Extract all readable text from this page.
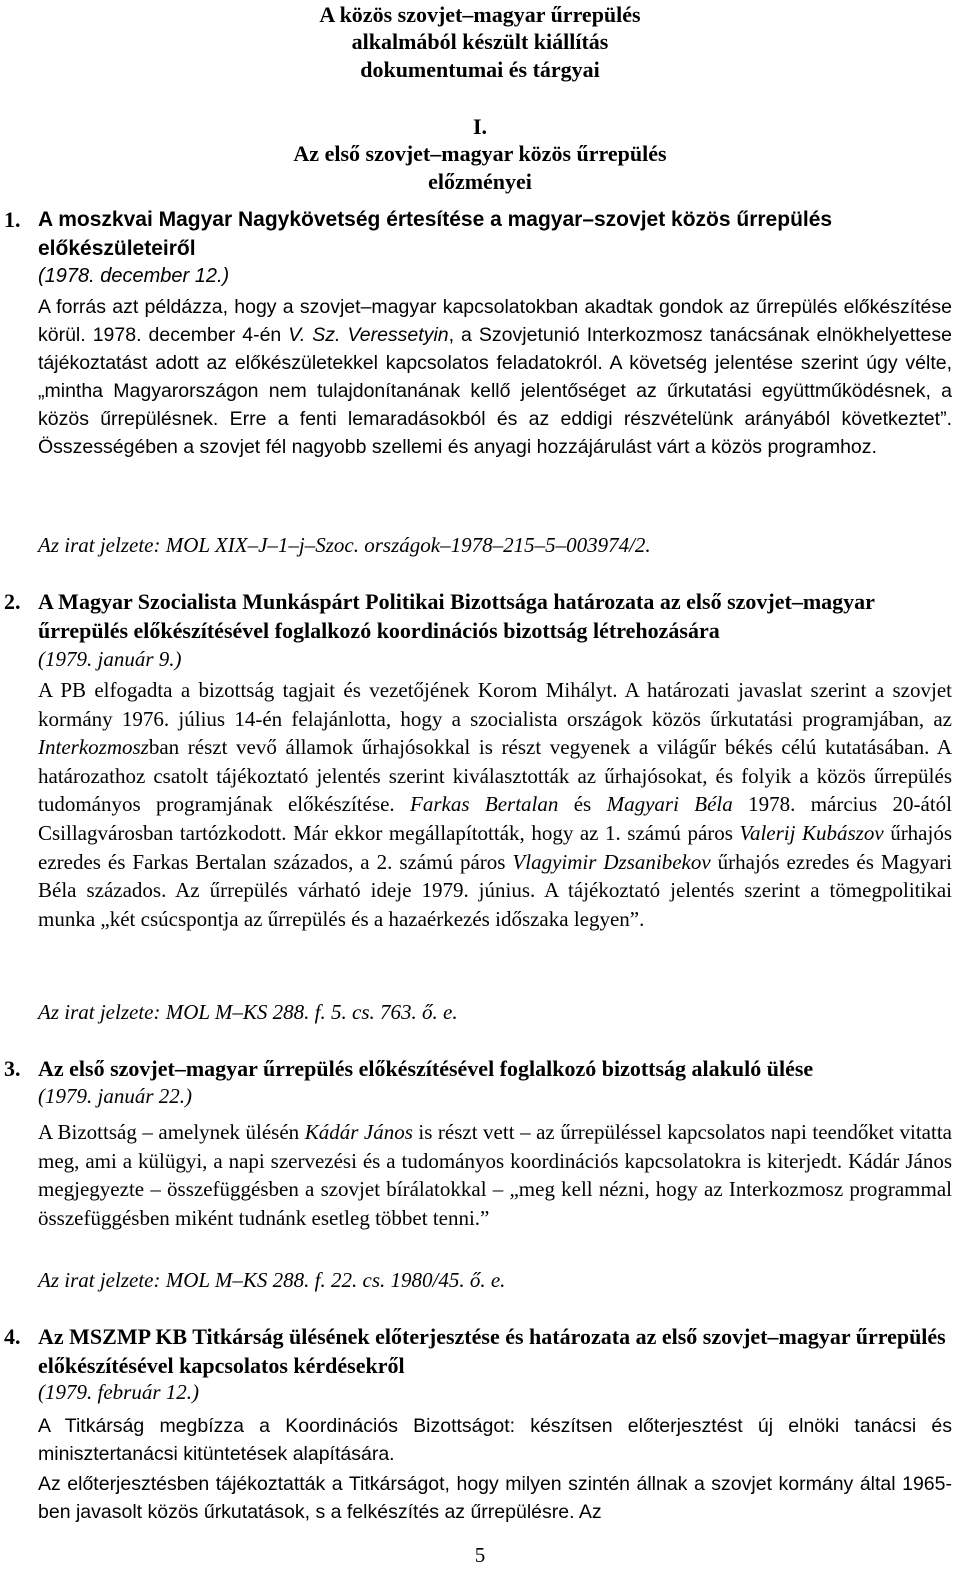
A közös szovjet–magyar űrrepülés
alkalmából készült kiállítás
dokumentumai és tárgyai
I.
Az első szovjet–magyar közös űrrepülés
előzményei
1. A moszkvai Magyar Nagykövetség értesítése a magyar–szovjet közös űrrepülés előkészületeiről
(1978. december 12.)
A forrás azt példázza, hogy a szovjet–magyar kapcsolatokban akadtak gondok az űrrepülés előkészítése körül. 1978. december 4-én V. Sz. Veressetyin, a Szovjetunió Interkozmosz tanácsának elnökhelyettese tájékoztatást adott az előkészületekkel kapcsolatos feladatokról. A követség jelentése szerint úgy vélte, „mintha Magyarországon nem tulajdonítanának kellő jelentőséget az űrkutatási együttműködésnek, a közös űrrepülésnek. Erre a fenti lemaradásokból és az eddigi részvételünk arányából következtet”. Összességében a szovjet fél nagyobb szellemi és anyagi hozzájárulást várt a közös programhoz.
Az irat jelzete: MOL XIX–J–1–j–Szoc. országok–1978–215–5–003974/2.
2. A Magyar Szocialista Munkáspárt Politikai Bizottsága határozata az első szovjet–magyar űrrepülés előkészítésével foglalkozó koordinációs bizottság létrehozására
(1979. január 9.)
A PB elfogadta a bizottság tagjait és vezetőjének Korom Mihályt. A határozati javaslat szerint a szovjet kormány 1976. július 14-én felajánlotta, hogy a szocialista országok közös űrkutatási programjában, az Interkozmoszban részt vevő államok űrhajósokkal is részt vegyenek a világűr békés célú kutatásában. A határozathoz csatolt tájékoztató jelentés szerint kiválasztották az űrhajósokat, és folyik a közös űrrepülés tudományos programjának előkészítése. Farkas Bertalan és Magyari Béla 1978. március 20-ától Csillagvárosban tartózkodott. Már ekkor megállapították, hogy az 1. számú páros Valerij Kubászov űrhajós ezredes és Farkas Bertalan százados, a 2. számú páros Vlagyimir Dzsanibekov űrhajós ezredes és Magyari Béla százados. Az űrrepülés várható ideje 1979. június. A tájékoztató jelentés szerint a tömegpolitikai munka „két csúcspontja az űrrepülés és a hazaérkezés időszaka legyen”.
Az irat jelzete: MOL M–KS 288. f. 5. cs. 763. ő. e.
3. Az első szovjet–magyar űrrepülés előkészítésével foglalkozó bizottság alakuló ülése
(1979. január 22.)
A Bizottság – amelynek ülésén Kádár János is részt vett – az űrrepüléssel kapcsolatos napi teendőket vitatta meg, ami a külügyi, a napi szervezési és a tudományos koordinációs kapcsolatokra is kiterjedt. Kádár János megjegyezte – összefüggésben a szovjet bírálatokkal – „meg kell nézni, hogy az Interkozmosz programmal összefüggésben miként tudnánk esetleg többet tenni.”
Az irat jelzete: MOL M–KS 288. f. 22. cs. 1980/45. ő. e.
4. Az MSZMP KB Titkárság ülésének előterjesztése és határozata az első szovjet–magyar űrrepülés előkészítésével kapcsolatos kérdésekről
(1979. február 12.)
A Titkárság megbízza a Koordinációs Bizottságot: készítsen előterjesztést új elnöki tanácsi és minisztertanácsi kitüntetések alapítására.
Az előterjesztésben tájékoztatták a Titkárságot, hogy milyen szintén állnak a szovjet kormány által 1965-ben javasolt közös űrkutatások, s a felkészítés az űrrepülésre. Az
5
